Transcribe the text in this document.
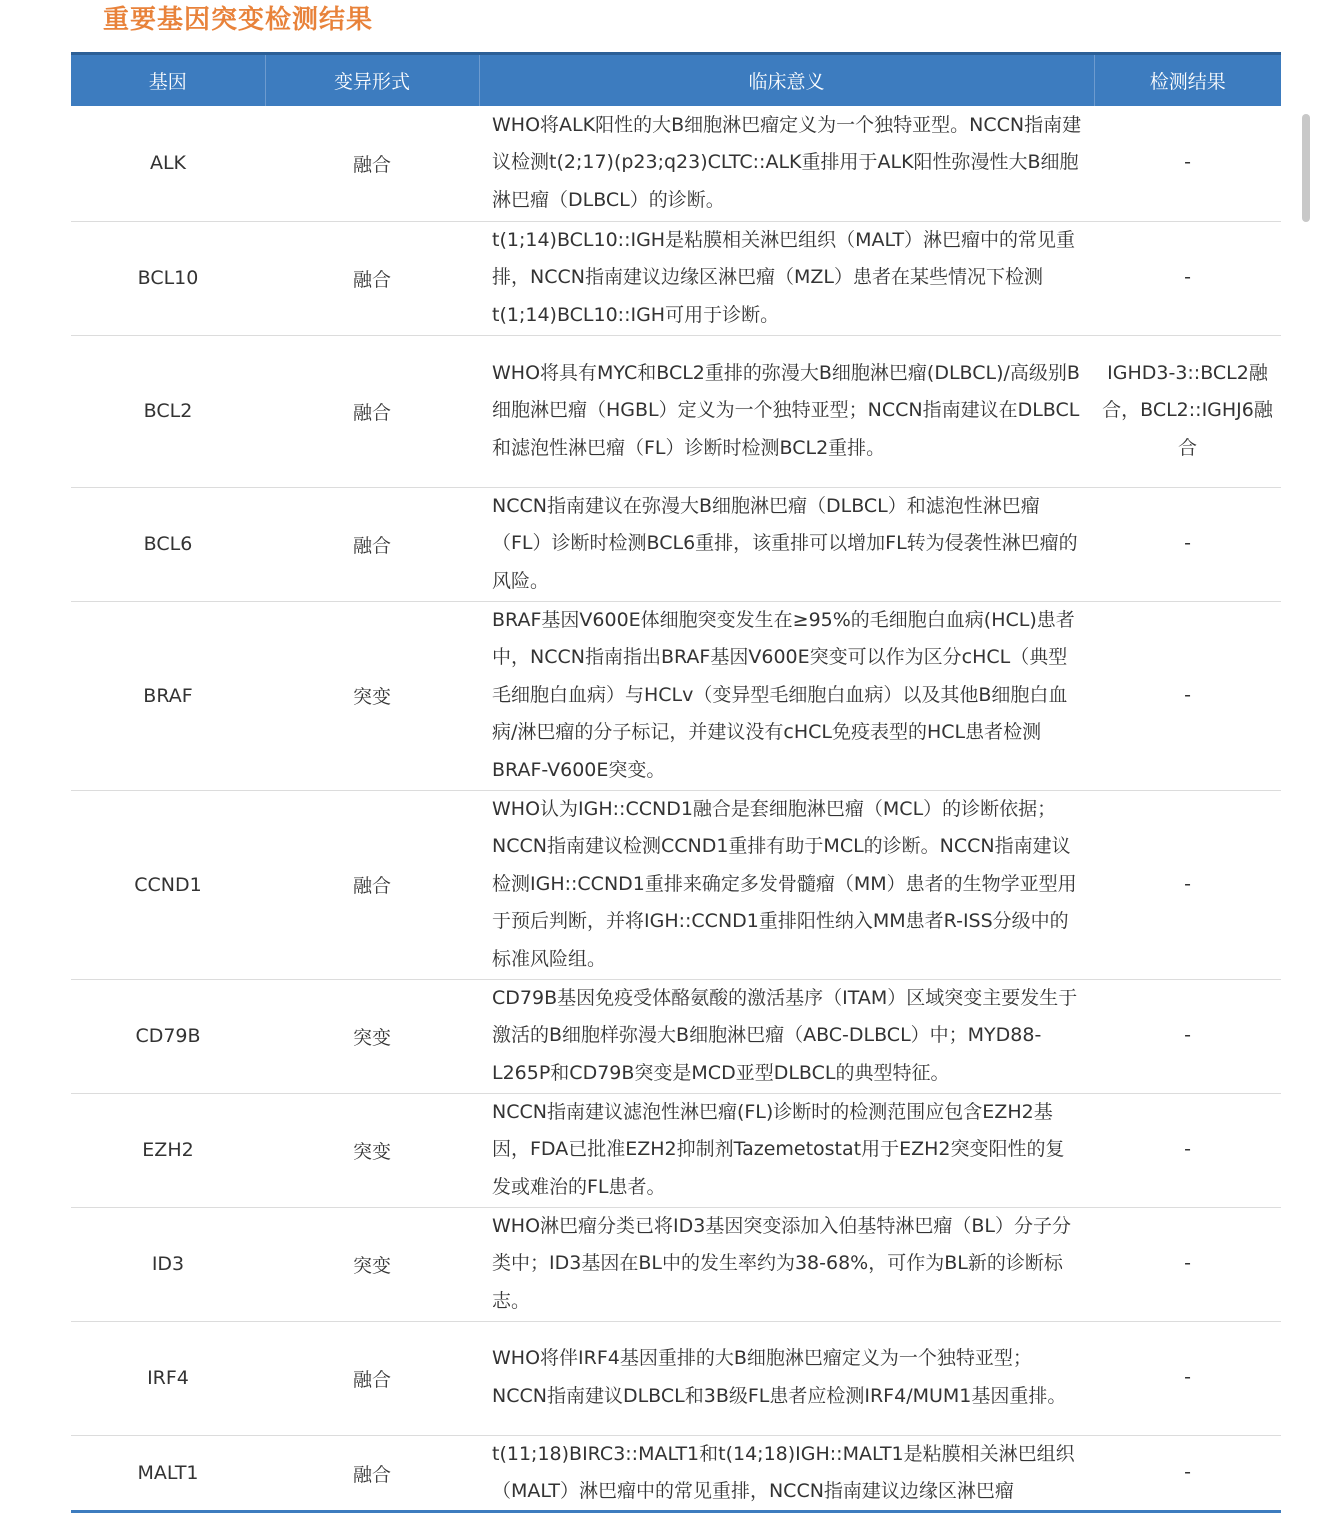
重要基因突变检测结果
基因	变异形式	临床意义	检测结果
ALK	融合	WHO将ALK阳性的大B细胞淋巴瘤定义为一个独特亚型。NCCN指南建议检测t(2;17)(p23;q23)CLTC::ALK重排用于ALK阳性弥漫性大B细胞淋巴瘤（DLBCL）的诊断。	-
BCL10	融合	t(1;14)BCL10::IGH是粘膜相关淋巴组织（MALT）淋巴瘤中的常见重排，NCCN指南建议边缘区淋巴瘤（MZL）患者在某些情况下检测t(1;14)BCL10::IGH可用于诊断。	-
BCL2	融合	WHO将具有MYC和BCL2重排的弥漫大B细胞淋巴瘤(DLBCL)/高级别B细胞淋巴瘤（HGBL）定义为一个独特亚型；NCCN指南建议在DLBCL和滤泡性淋巴瘤（FL）诊断时检测BCL2重排。	IGHD3-3::BCL2融合，BCL2::IGHJ6融合
BCL6	融合	NCCN指南建议在弥漫大B细胞淋巴瘤（DLBCL）和滤泡性淋巴瘤（FL）诊断时检测BCL6重排，该重排可以增加FL转为侵袭性淋巴瘤的风险。	-
BRAF	突变	BRAF基因V600E体细胞突变发生在≥95%的毛细胞白血病(HCL)患者中，NCCN指南指出BRAF基因V600E突变可以作为区分cHCL（典型毛细胞白血病）与HCLv（变异型毛细胞白血病）以及其他B细胞白血病/淋巴瘤的分子标记，并建议没有cHCL免疫表型的HCL患者检测BRAF-V600E突变。	-
CCND1	融合	WHO认为IGH::CCND1融合是套细胞淋巴瘤（MCL）的诊断依据；NCCN指南建议检测CCND1重排有助于MCL的诊断。NCCN指南建议检测IGH::CCND1重排来确定多发骨髓瘤（MM）患者的生物学亚型用于预后判断，并将IGH::CCND1重排阳性纳入MM患者R-ISS分级中的标准风险组。	-
CD79B	突变	CD79B基因免疫受体酪氨酸的激活基序（ITAM）区域突变主要发生于激活的B细胞样弥漫大B细胞淋巴瘤（ABC-DLBCL）中；MYD88-L265P和CD79B突变是MCD亚型DLBCL的典型特征。	-
EZH2	突变	NCCN指南建议滤泡性淋巴瘤(FL)诊断时的检测范围应包含EZH2基因，FDA已批准EZH2抑制剂Tazemetostat用于EZH2突变阳性的复发或难治的FL患者。	-
ID3	突变	WHO淋巴瘤分类已将ID3基因突变添加入伯基特淋巴瘤（BL）分子分类中；ID3基因在BL中的发生率约为38-68%，可作为BL新的诊断标志。	-
IRF4	融合	WHO将伴IRF4基因重排的大B细胞淋巴瘤定义为一个独特亚型；NCCN指南建议DLBCL和3B级FL患者应检测IRF4/MUM1基因重排。	-
MALT1	融合	t(11;18)BIRC3::MALT1和t(14;18)IGH::MALT1是粘膜相关淋巴组织（MALT）淋巴瘤中的常见重排，NCCN指南建议边缘区淋巴瘤	-
